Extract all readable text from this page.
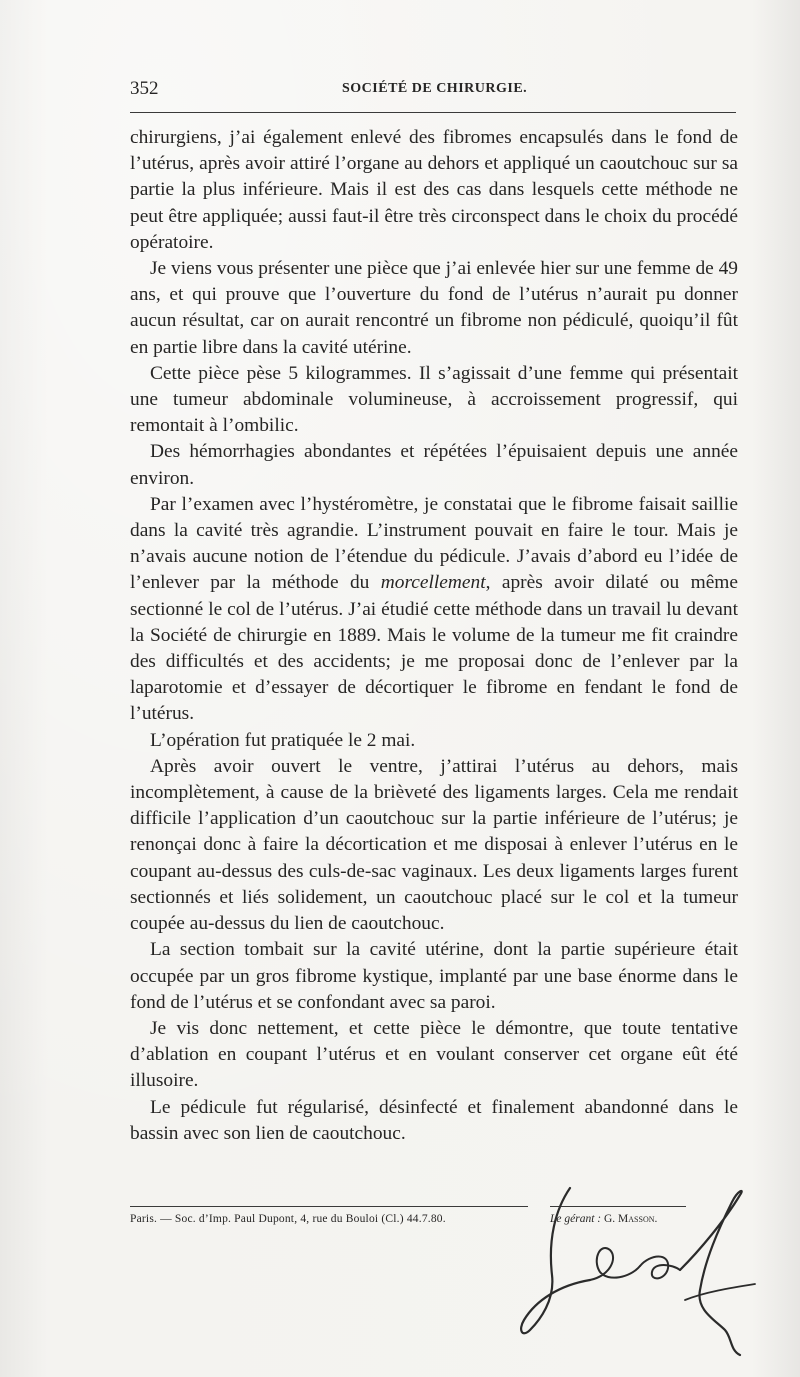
352	SOCIÉTÉ DE CHIRURGIE.

chirurgiens, j’ai également enlevé des fibromes encapsulés dans le fond de l’utérus, après avoir attiré l’organe au dehors et appliqué un caoutchouc sur sa partie la plus inférieure. Mais il est des cas dans lesquels cette méthode ne peut être appliquée; aussi faut-il être très circonspect dans le choix du procédé opératoire.

Je viens vous présenter une pièce que j’ai enlevée hier sur une femme de 49 ans, et qui prouve que l’ouverture du fond de l’utérus n’aurait pu donner aucun résultat, car on aurait rencontré un fibrome non pédiculé, quoiqu’il fût en partie libre dans la cavité utérine.

Cette pièce pèse 5 kilogrammes. Il s’agissait d’une femme qui présentait une tumeur abdominale volumineuse, à accroissement progressif, qui remontait à l’ombilic.

Des hémorrhagies abondantes et répétées l’épuisaient depuis une année environ.

Par l’examen avec l’hystéromètre, je constatai que le fibrome faisait saillie dans la cavité très agrandie. L’instrument pouvait en faire le tour. Mais je n’avais aucune notion de l’étendue du pédicule. J’avais d’abord eu l’idée de l’enlever par la méthode du morcellement, après avoir dilaté ou même sectionné le col de l’utérus. J’ai étudié cette méthode dans un travail lu devant la Société de chirurgie en 1889. Mais le volume de la tumeur me fit craindre des difficultés et des accidents; je me proposai donc de l’enlever par la laparotomie et d’essayer de décortiquer le fibrome en fendant le fond de l’utérus.

L’opération fut pratiquée le 2 mai.

Après avoir ouvert le ventre, j’attirai l’utérus au dehors, mais incomplètement, à cause de la brièveté des ligaments larges. Cela me rendait difficile l’application d’un caoutchouc sur la partie inférieure de l’utérus; je renonçai donc à faire la décortication et me disposai à enlever l’utérus en le coupant au-dessus des culs-de-sac vaginaux. Les deux ligaments larges furent sectionnés et liés solidement, un caoutchouc placé sur le col et la tumeur coupée au-dessus du lien de caoutchouc.

La section tombait sur la cavité utérine, dont la partie supérieure était occupée par un gros fibrome kystique, implanté par une base énorme dans le fond de l’utérus et se confondant avec sa paroi.

Je vis donc nettement, et cette pièce le démontre, que toute tentative d’ablation en coupant l’utérus et en voulant conserver cet organe eût été illusoire.

Le pédicule fut régularisé, désinfecté et finalement abandonné dans le bassin avec son lien de caoutchouc.

Paris. — Soc. d’Imp. Paul Dupont, 4, rue du Bouloi (Cl.) 44.7.80.	Le gérant : G. Masson.
